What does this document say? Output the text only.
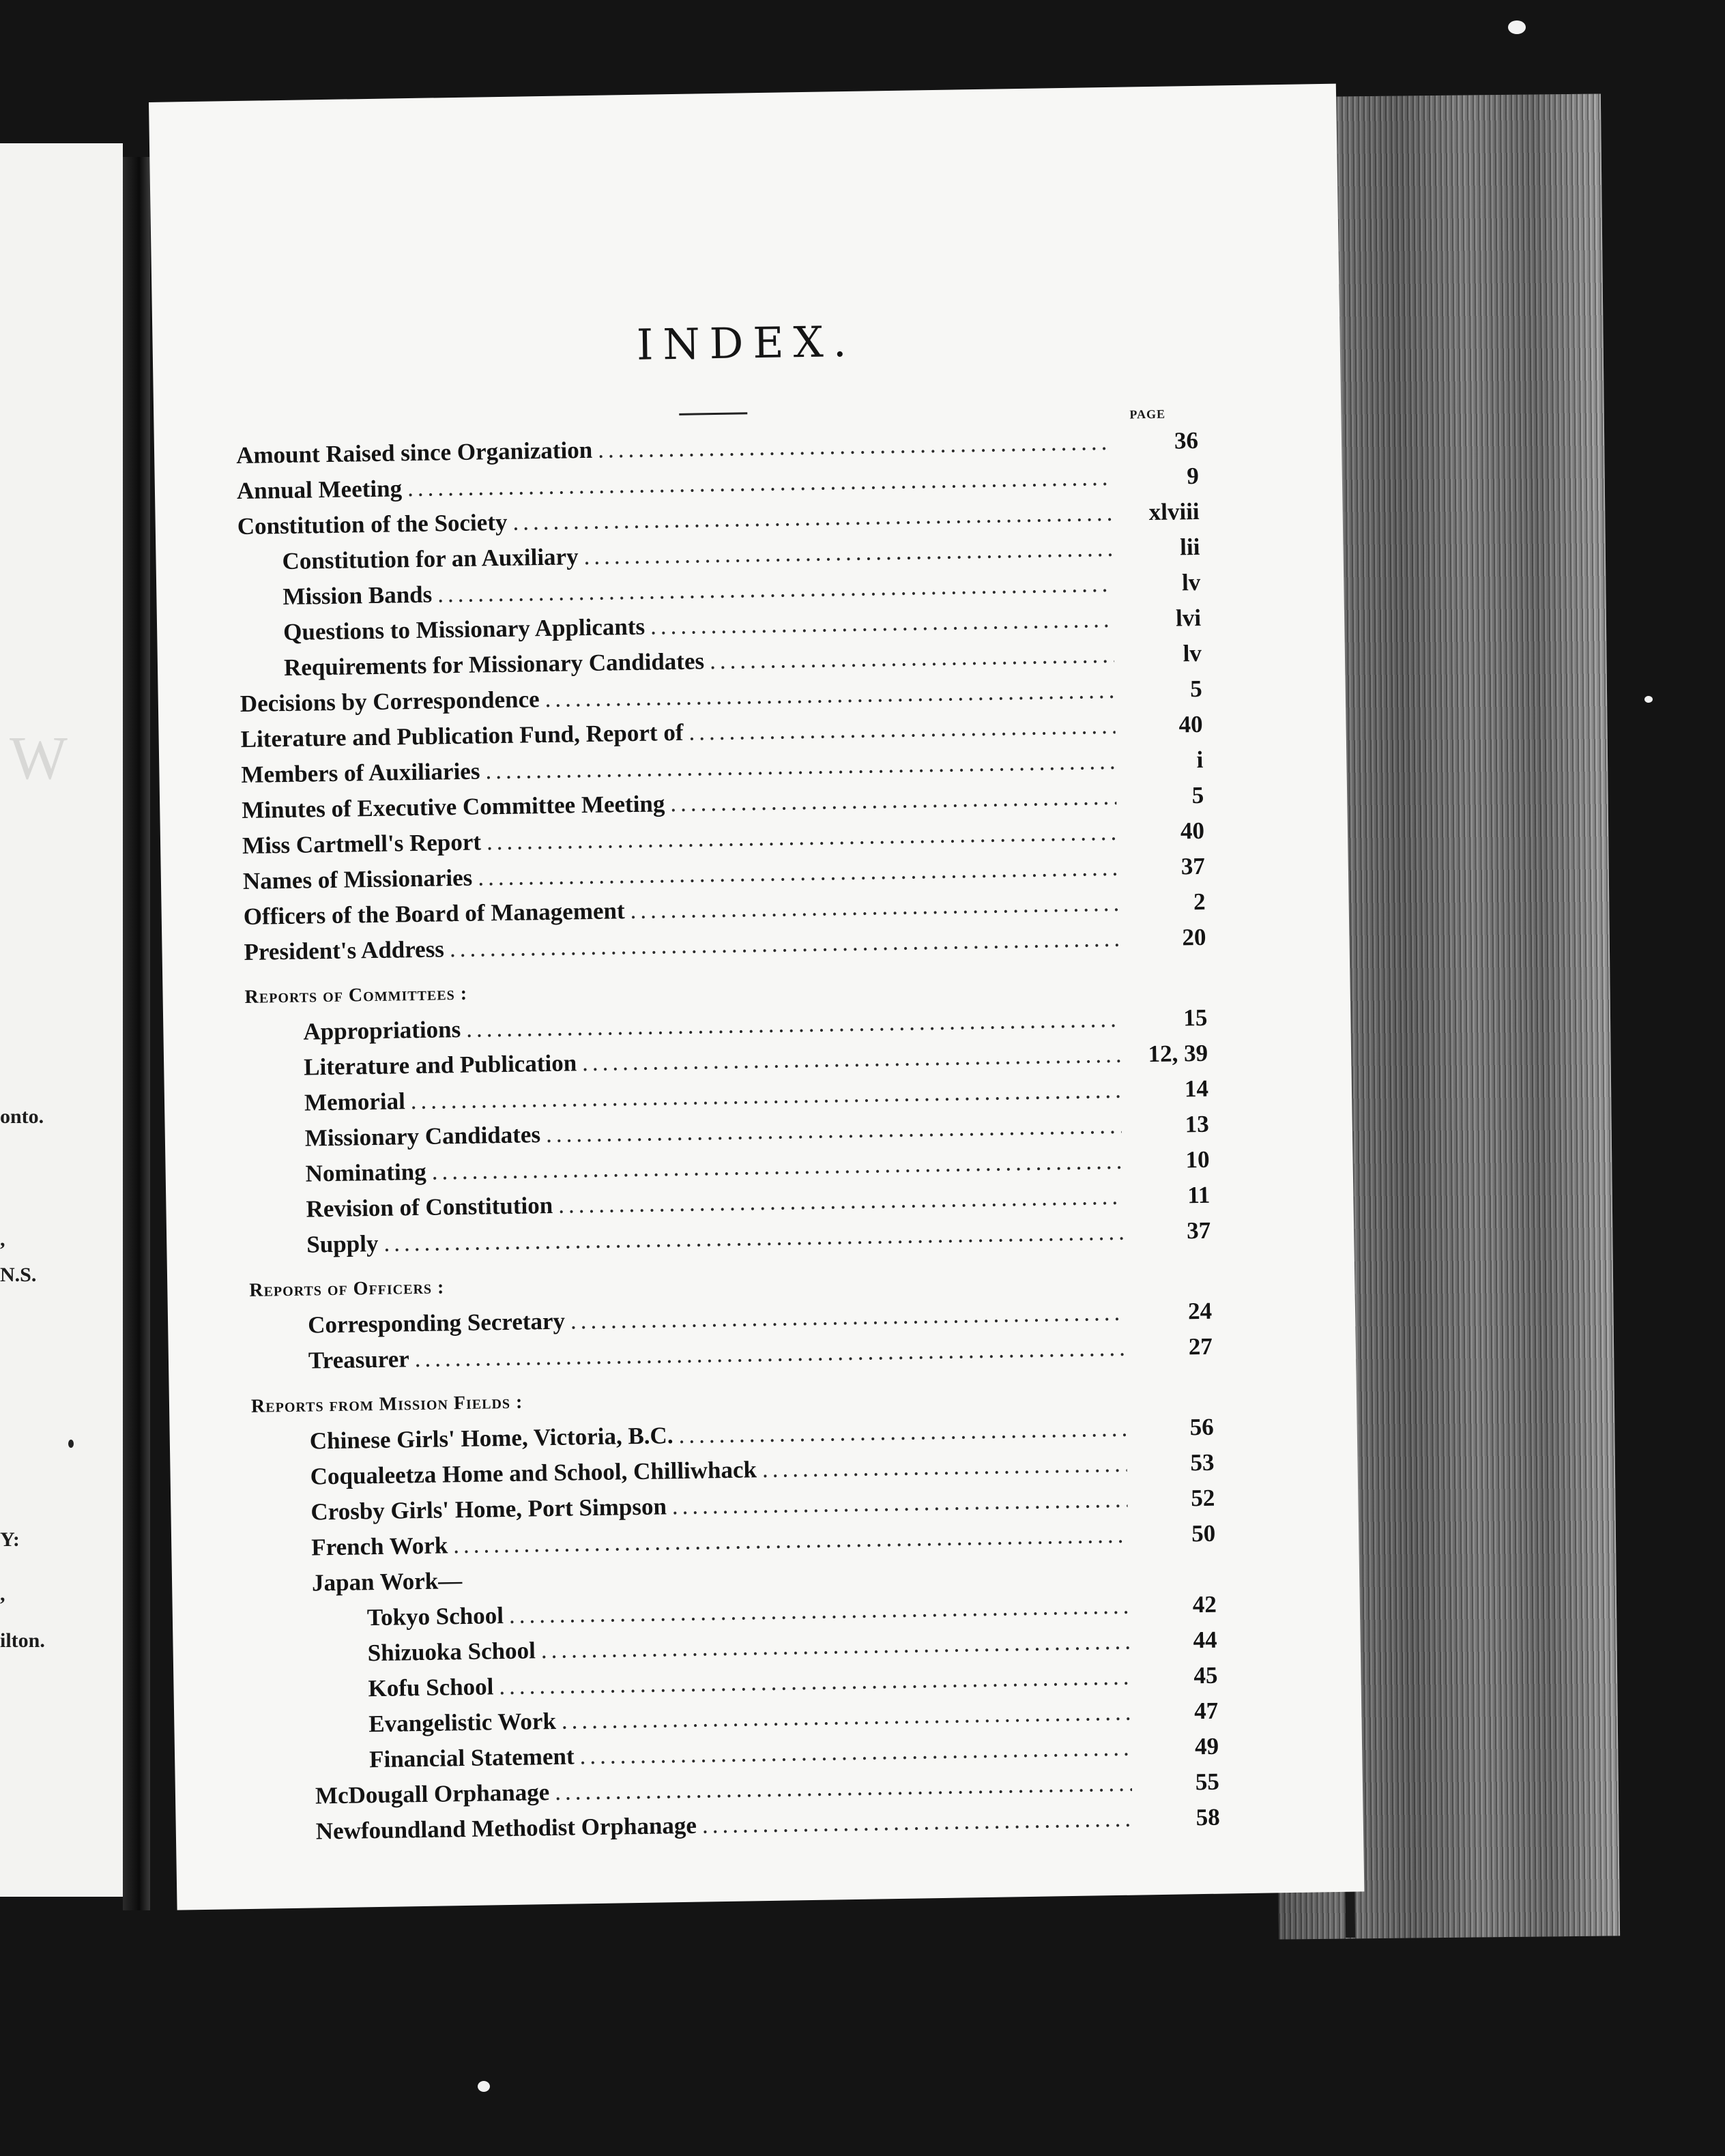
W
onto.
,
N.S.
Y:
,
ilton.
INDEX.
PAGE
Amount Raised since Organization .....	36
Annual Meeting .....	9
Constitution of the Society .....	xlviii
Constitution for an Auxiliary .....	lii
Mission Bands .....	lv
Questions to Missionary Applicants .....	lvi
Requirements for Missionary Candidates .....	lv
Decisions by Correspondence .....	5
Literature and Publication Fund, Report of .....	40
Members of Auxiliaries .....	i
Minutes of Executive Committee Meeting .....	5
Miss Cartmell's Report .....	40
Names of Missionaries .....	37
Officers of the Board of Management .....	2
President's Address .....	20
Reports of Committees :
Appropriations .....	15
Literature and Publication .....	12, 39
Memorial .....	14
Missionary Candidates .....	13
Nominating .....	10
Revision of Constitution .....	11
Supply .....	37
Reports of Officers :
Corresponding Secretary .....	24
Treasurer .....	27
Reports from Mission Fields :
Chinese Girls' Home, Victoria, B.C. .....	56
Coqualeetza Home and School, Chilliwhack .....	53
Crosby Girls' Home, Port Simpson .....	52
French Work .....	50
Japan Work—
Tokyo School .....	42
Shizuoka School .....	44
Kofu School .....	45
Evangelistic Work .....	47
Financial Statement .....	49
McDougall Orphanage .....	55
Newfoundland Methodist Orphanage .....	58
